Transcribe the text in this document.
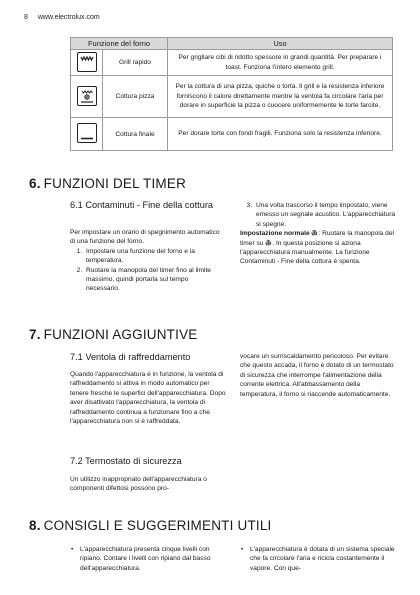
8 www.electrolux.com
Funzione del forno		Uso

	Grill rapido	Per grigliare cibi di ridotto spessore in grandi quantità. Per preparare i toast. Funziona l'intero elemento grill.

	Cottura pizza	Per la cottura di una pizza, quiche o torta. Il grill e la resistenza inferiore forniscono il calore direttamente mentre la ventola fa circolare l'aria per dorare in superficie la pizza o cuocere uniformemente le torte farcite.

	Cottura finale	Per dorare torte con fondi fragili. Funziona solo la resistenza inferiore.
6. FUNZIONI DEL TIMER
6.1 Contaminuti - Fine della cottura
Per impostare un orario di spegnimento automatico di una funzione del forno.
1. Impostare una funzione del forno e la temperatura.
2. Ruotare la manopola del timer fino al limite massimo, quindi portarla sul tempo necessario.
3. Una volta trascorso il tempo impostato, viene emesso un segnale acustico. L'apparecchiatura si spegne.
Impostazione normale : Ruotare la manopola del timer su . In questa posizione si aziona l'apparecchiatura manualmente. La funzione Contaminuti - Fine della cottura è spenta.
7. FUNZIONI AGGIUNTIVE
7.1 Ventola di raffreddamento
Quando l'apparecchiatura è in funzione, la ventola di raffreddamento si attiva in modo automatico per tenere fresche le superfici dell'apparecchiatura. Dopo aver disattivato l'apparecchiatura, la ventola di raffreddamento continua a funzionare fino a che l'apparecchiatura non si è raffreddata.
7.2 Termostato di sicurezza
Un utilizzo inappropriato dell'apparecchiatura o componenti difettosi possono pro-
vocare un surriscaldamento pericoloso. Per evitare che questo accada, il forno è dotato di un termostato di sicurezza che interrompe l'alimentazione della corrente elettrica. All'abbassamento della temperatura, il forno si riaccende automaticamente.
8. CONSIGLI E SUGGERIMENTI UTILI
• L'apparecchiatura presenta cinque livelli con ripiano. Contare i livelli con ripiano dal basso dell'apparecchiatura.
• L'apparecchiatura è dotata di un sistema speciale che fa circolare l'aria e ricicla costantemente il vapore. Con que-
